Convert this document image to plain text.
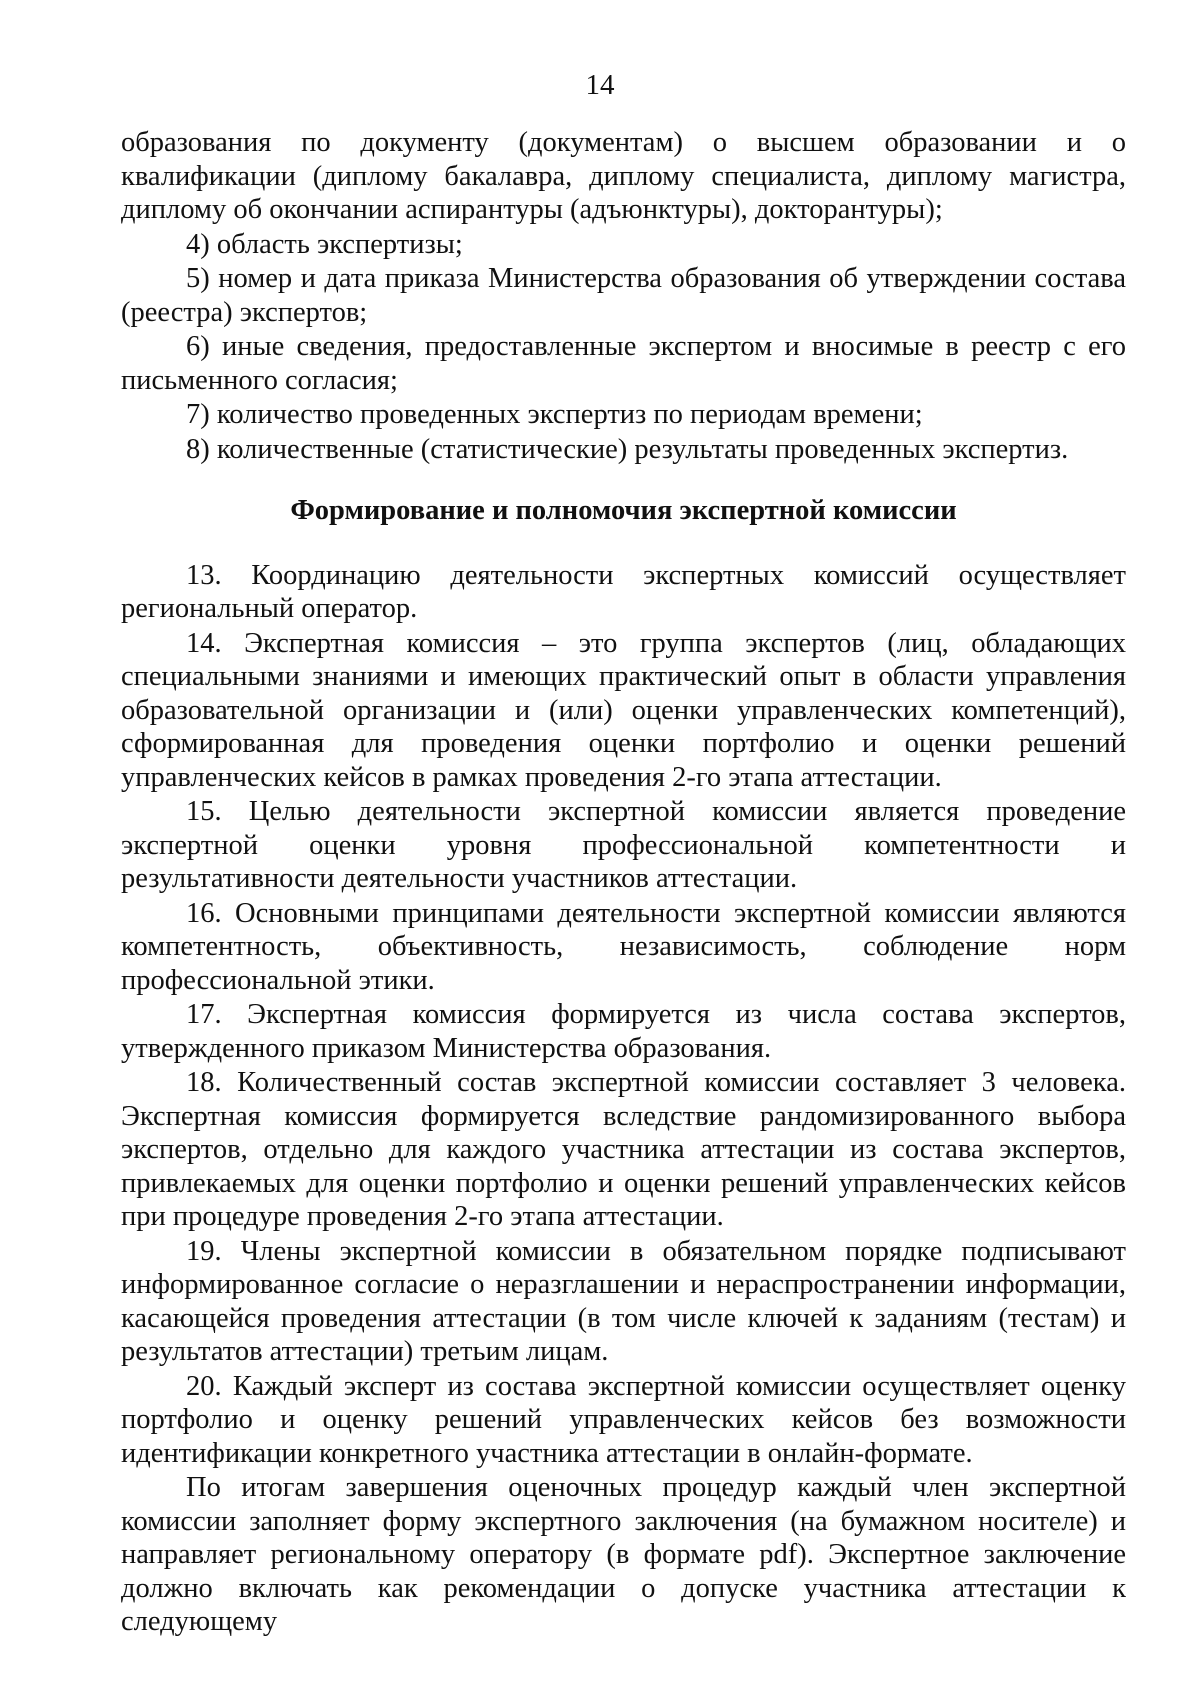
14

образования по документу (документам) о высшем образовании и о квалификации (диплому бакалавра, диплому специалиста, диплому магистра, диплому об окончании аспирантуры (адъюнктуры), докторантуры);

4) область экспертизы;

5) номер и дата приказа Министерства образования об утверждении состава (реестра) экспертов;

6) иные сведения, предоставленные экспертом и вносимые в реестр с его письменного согласия;

7) количество проведенных экспертиз по периодам времени;

8) количественные (статистические) результаты проведенных экспертиз.

Формирование и полномочия экспертной комиссии

13. Координацию деятельности экспертных комиссий осуществляет региональный оператор.

14. Экспертная комиссия – это группа экспертов (лиц, обладающих специальными знаниями и имеющих практический опыт в области управления образовательной организации и (или) оценки управленческих компетенций), сформированная для проведения оценки портфолио и оценки решений управленческих кейсов в рамках проведения 2-го этапа аттестации.

15. Целью деятельности экспертной комиссии является проведение экспертной оценки уровня профессиональной компетентности и результативности деятельности участников аттестации.

16. Основными принципами деятельности экспертной комиссии являются компетентность, объективность, независимость, соблюдение норм профессиональной этики.

17. Экспертная комиссия формируется из числа состава экспертов, утвержденного приказом Министерства образования.

18. Количественный состав экспертной комиссии составляет 3 человека. Экспертная комиссия формируется вследствие рандомизированного выбора экспертов, отдельно для каждого участника аттестации из состава экспертов, привлекаемых для оценки портфолио и оценки решений управленческих кейсов при процедуре проведения 2-го этапа аттестации.

19. Члены экспертной комиссии в обязательном порядке подписывают информированное согласие о неразглашении и нераспространении информации, касающейся проведения аттестации (в том числе ключей к заданиям (тестам) и результатов аттестации) третьим лицам.

20. Каждый эксперт из состава экспертной комиссии осуществляет оценку портфолио и оценку решений управленческих кейсов без возможности идентификации конкретного участника аттестации в онлайн-формате.

По итогам завершения оценочных процедур каждый член экспертной комиссии заполняет форму экспертного заключения (на бумажном носителе) и направляет региональному оператору (в формате pdf). Экспертное заключение должно включать как рекомендации о допуске участника аттестации к следующему
